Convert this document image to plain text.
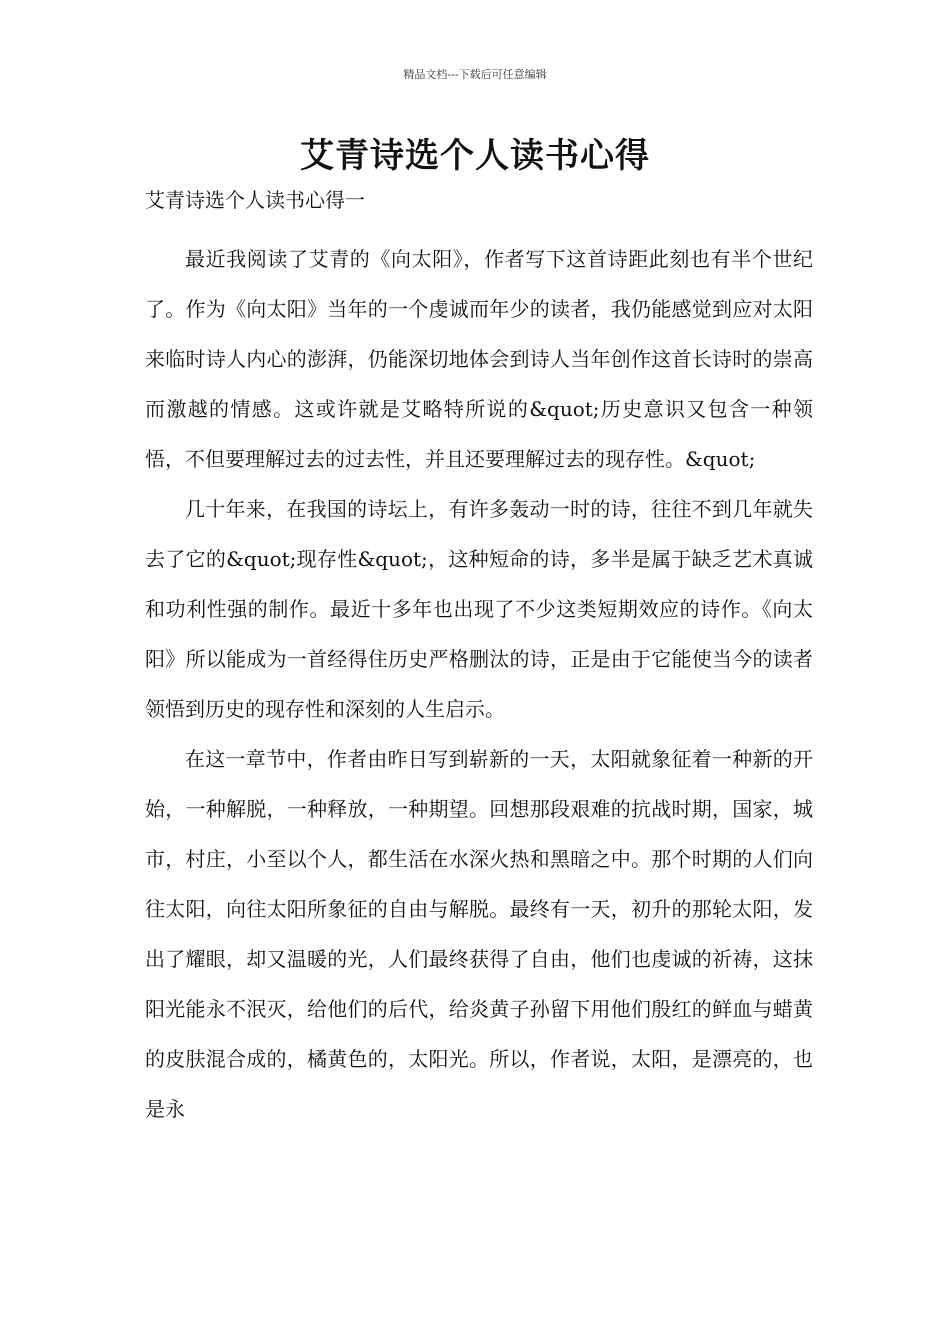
精品文档---下载后可任意编辑
艾青诗选个人读书心得

艾青诗选个人读书心得一

最近我阅读了艾青的《向太阳》，作者写下这首诗距此刻也有半个世纪了。作为《向太阳》当年的一个虔诚而年少的读者，我仍能感觉到应对太阳来临时诗人内心的澎湃，仍能深切地体会到诗人当年创作这首长诗时的崇高而激越的情感。这或许就是艾略特所说的&quot;历史意识又包含一种领悟，不但要理解过去的过去性，并且还要理解过去的现存性。&quot;

几十年来，在我国的诗坛上，有许多轰动一时的诗，往往不到几年就失去了它的&quot;现存性&quot;，这种短命的诗，多半是属于缺乏艺术真诚和功利性强的制作。最近十多年也出现了不少这类短期效应的诗作。《向太阳》所以能成为一首经得住历史严格删汰的诗，正是由于它能使当今的读者领悟到历史的现存性和深刻的人生启示。

在这一章节中，作者由昨日写到崭新的一天，太阳就象征着一种新的开始，一种解脱，一种释放，一种期望。回想那段艰难的抗战时期，国家，城市，村庄，小至以个人，都生活在水深火热和黑暗之中。那个时期的人们向往太阳，向往太阳所象征的自由与解脱。最终有一天，初升的那轮太阳，发出了耀眼，却又温暖的光，人们最终获得了自由，他们也虔诚的祈祷，这抹阳光能永不泯灭，给他们的后代，给炎黄子孙留下用他们殷红的鲜血与蜡黄的皮肤混合成的，橘黄色的，太阳光。所以，作者说，太阳，是漂亮的，也是永
